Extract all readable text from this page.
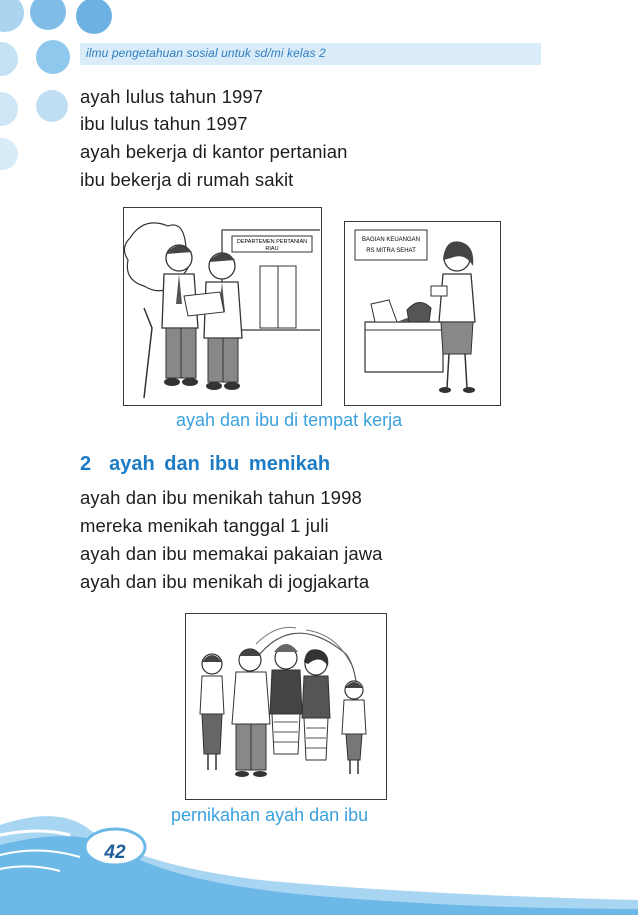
ilmu pengetahuan sosial untuk sd/mi kelas 2
ayah lulus tahun 1997
ibu lulus tahun 1997
ayah bekerja di kantor pertanian
ibu bekerja di rumah sakit
DEPARTEMEN PERTANIAN
RIAU
BAGIAN KEUANGAN
RS MITRA SEHAT
ayah dan ibu di tempat kerja
2 ayah dan ibu menikah
ayah dan ibu menikah tahun 1998
mereka menikah tanggal 1 juli
ayah dan ibu memakai pakaian jawa
ayah dan ibu menikah di jogjakarta
pernikahan ayah dan ibu
42
